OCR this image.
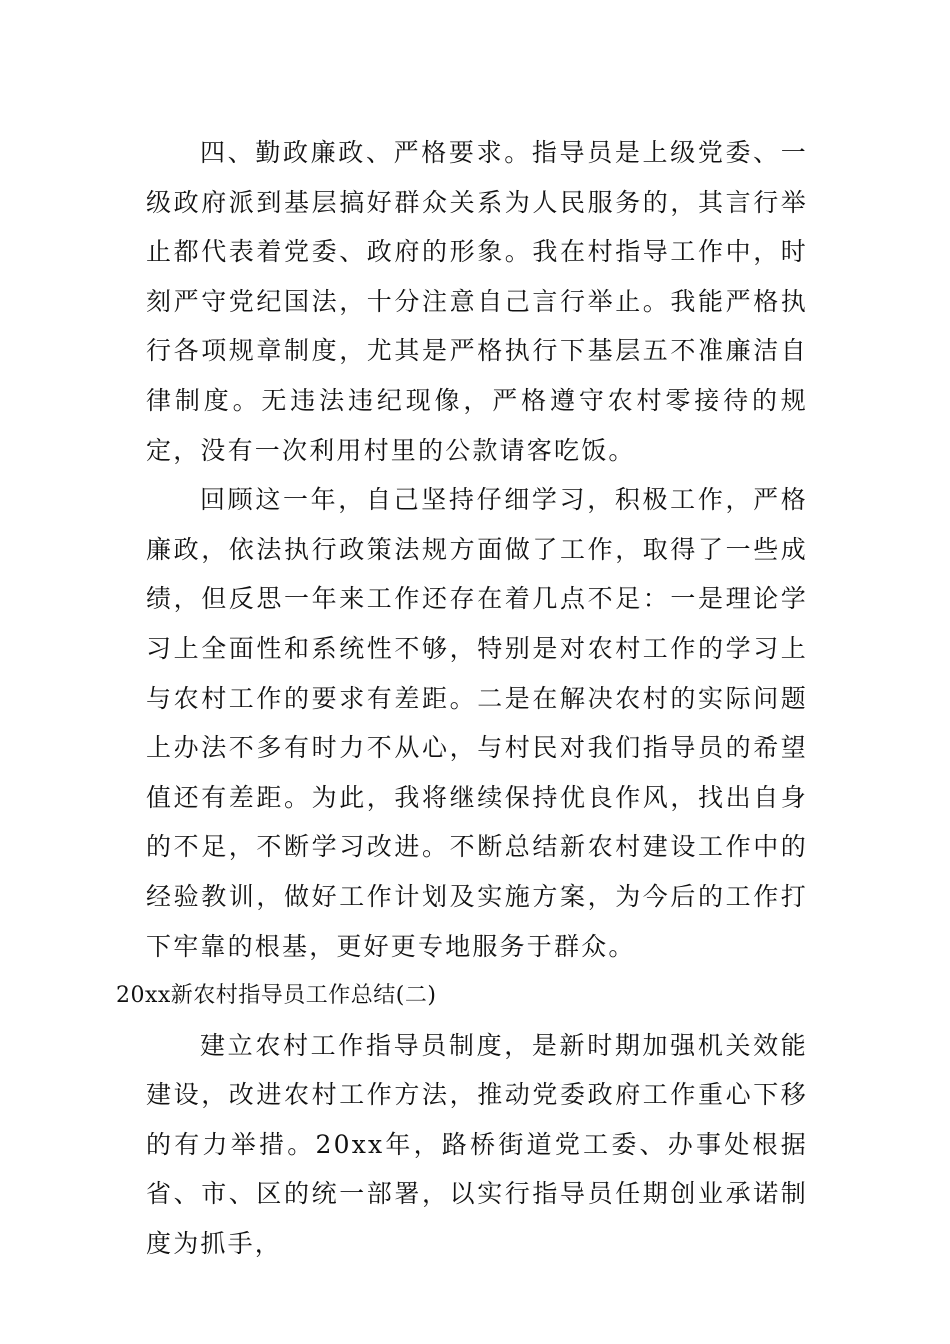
四、勤政廉政、严格要求。指导员是上级党委、一级政府派到基层搞好群众关系为人民服务的，其言行举止都代表着党委、政府的形象。我在村指导工作中，时刻严守党纪国法，十分注意自己言行举止。我能严格执行各项规章制度，尤其是严格执行下基层五不准廉洁自律制度。无违法违纪现像，严格遵守农村零接待的规定，没有一次利用村里的公款请客吃饭。

回顾这一年，自己坚持仔细学习，积极工作，严格廉政，依法执行政策法规方面做了工作，取得了一些成绩，但反思一年来工作还存在着几点不足：一是理论学习上全面性和系统性不够，特别是对农村工作的学习上与农村工作的要求有差距。二是在解决农村的实际问题上办法不多有时力不从心，与村民对我们指导员的希望值还有差距。为此，我将继续保持优良作风，找出自身的不足，不断学习改进。不断总结新农村建设工作中的经验教训，做好工作计划及实施方案，为今后的工作打下牢靠的根基，更好更专地服务于群众。

20xx新农村指导员工作总结(二)

建立农村工作指导员制度，是新时期加强机关效能建设，改进农村工作方法，推动党委政府工作重心下移的有力举措。20xx年，路桥街道党工委、办事处根据省、市、区的统一部署，以实行指导员任期创业承诺制度为抓手，
